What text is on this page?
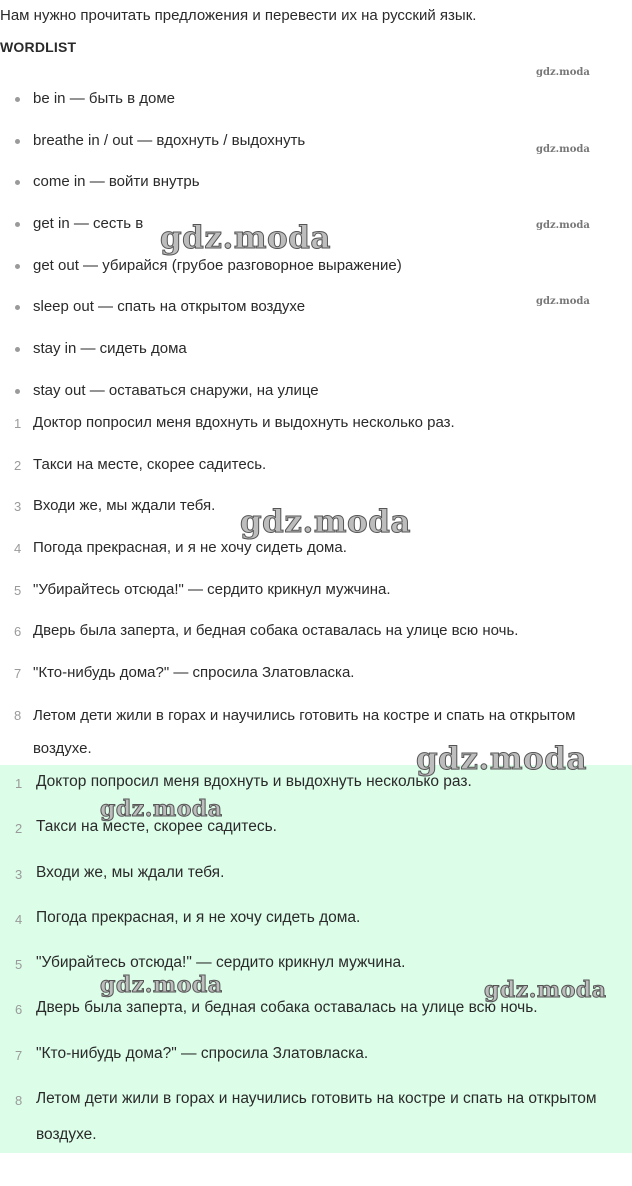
Нам нужно прочитать предложения и перевести их на русский язык.
WORDLIST
be in — быть в доме
breathe in / out — вдохнуть / выдохнуть
come in — войти внутрь
get in — сесть в
get out — убирайся (грубое разговорное выражение)
sleep out — спать на открытом воздухе
stay in — сидеть дома
stay out — оставаться снаружи, на улице
1 Доктор попросил меня вдохнуть и выдохнуть несколько раз.
2 Такси на месте, скорее садитесь.
3 Входи же, мы ждали тебя.
4 Погода прекрасная, и я не хочу сидеть дома.
5 "Убирайтесь отсюда!" — сердито крикнул мужчина.
6 Дверь была заперта, и бедная собака оставалась на улице всю ночь.
7 "Кто-нибудь дома?" — спросила Златовласка.
8 Летом дети жили в горах и научились готовить на костре и спать на открытом воздухе.
1 Доктор попросил меня вдохнуть и выдохнуть несколько раз.
2 Такси на месте, скорее садитесь.
3 Входи же, мы ждали тебя.
4 Погода прекрасная, и я не хочу сидеть дома.
5 "Убирайтесь отсюда!" — сердито крикнул мужчина.
6 Дверь была заперта, и бедная собака оставалась на улице всю ночь.
7 "Кто-нибудь дома?" — спросила Златовласка.
8 Летом дети жили в горах и научились готовить на костре и спать на открытом воздухе.
gdz.moda
gdz.moda
gdz.moda
gdz.moda
gdz.moda
gdz.moda
gdz.moda
gdz.moda
gdz.moda	gdz.moda
